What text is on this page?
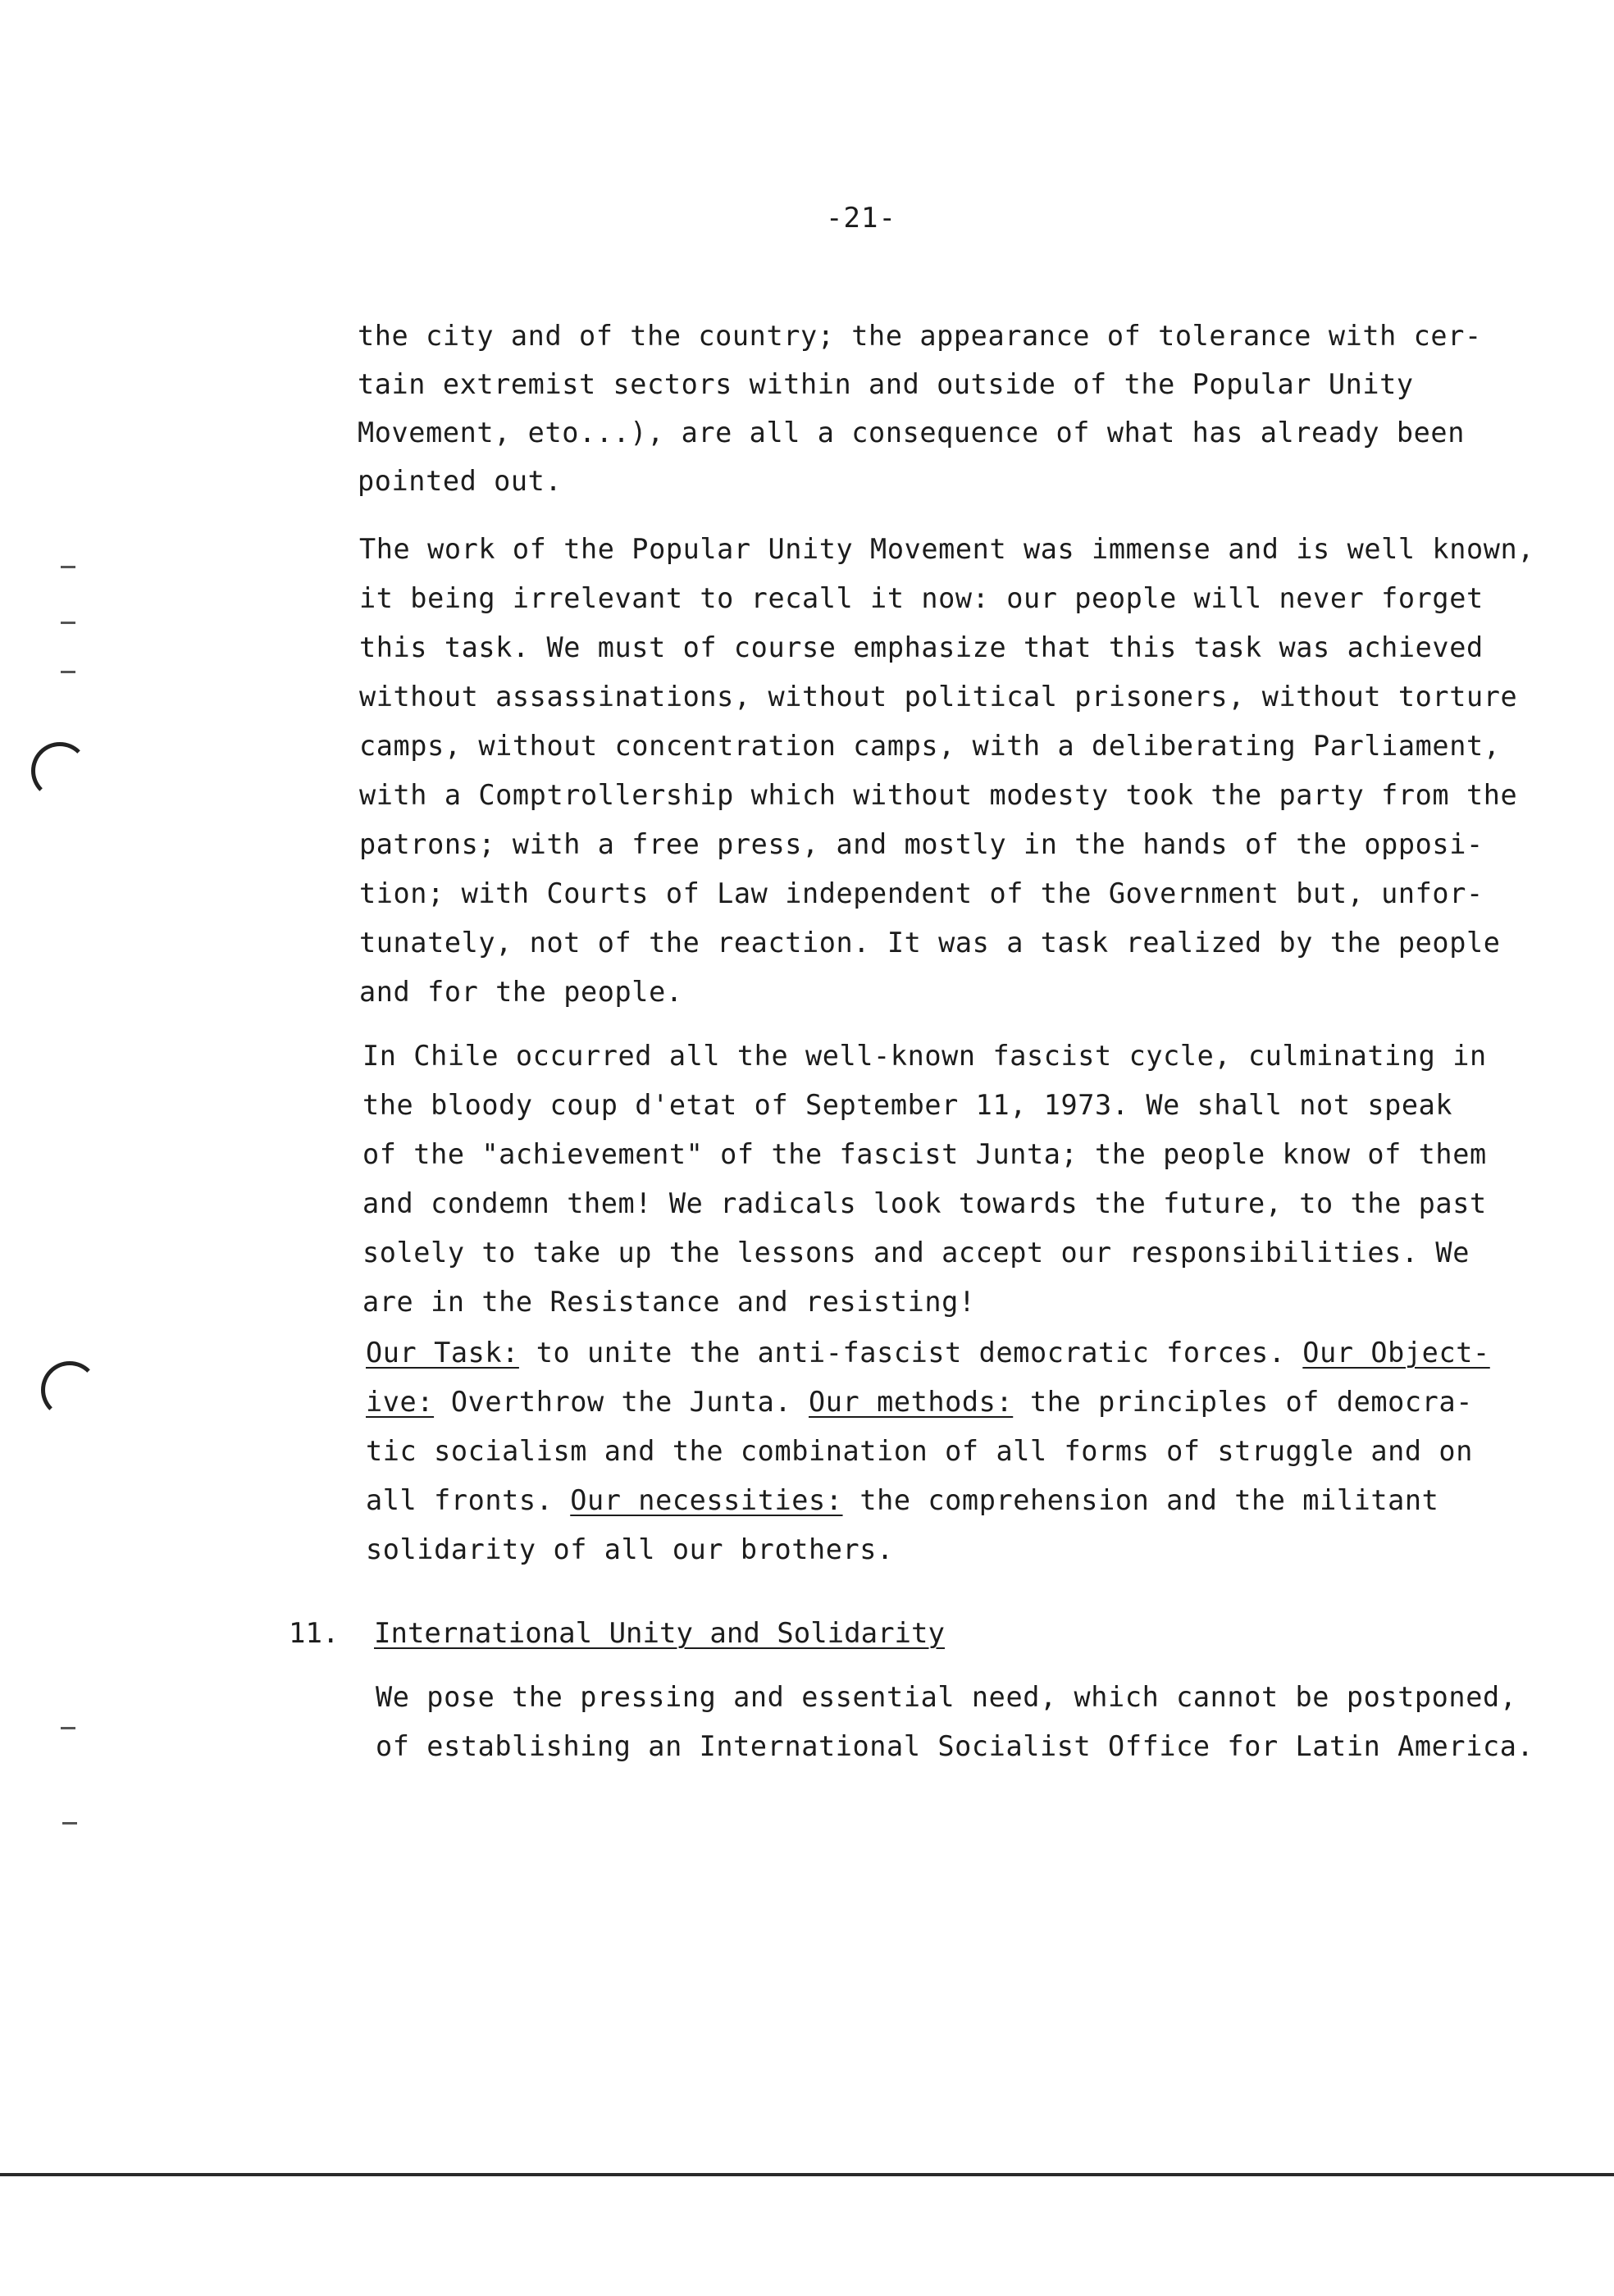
-21-
the city and of the country; the appearance of tolerance with cer-
tain extremist sectors within and outside of the Popular Unity
Movement, eto...), are all a consequence of what has already been
pointed out.
The work of the Popular Unity Movement was immense and is well known,
it being irrelevant to recall it now: our people will never forget
this task. We must of course emphasize that this task was achieved
without assassinations, without political prisoners, without torture
camps, without concentration camps, with a deliberating Parliament,
with a Comptrollership which without modesty took the party from the
patrons; with a free press, and mostly in the hands of the opposi-
tion; with Courts of Law independent of the Government but, unfor-
tunately, not of the reaction. It was a task realized by the people
and for the people.
In Chile occurred all the well-known fascist cycle, culminating in
the bloody coup d'etat of September 11, 1973. We shall not speak
of the "achievement" of the fascist Junta; the people know of them
and condemn them! We radicals look towards the future, to the past
solely to take up the lessons and accept our responsibilities. We
are in the Resistance and resisting!
Our Task: to unite the anti-fascist democratic forces. Our Object-
ive: Overthrow the Junta. Our methods: the principles of democra-
tic socialism and the combination of all forms of struggle and on
all fronts. Our necessities: the comprehension and the militant
solidarity of all our brothers.
11. International Unity and Solidarity
We pose the pressing and essential need, which cannot be postponed,
of establishing an International Socialist Office for Latin America.
